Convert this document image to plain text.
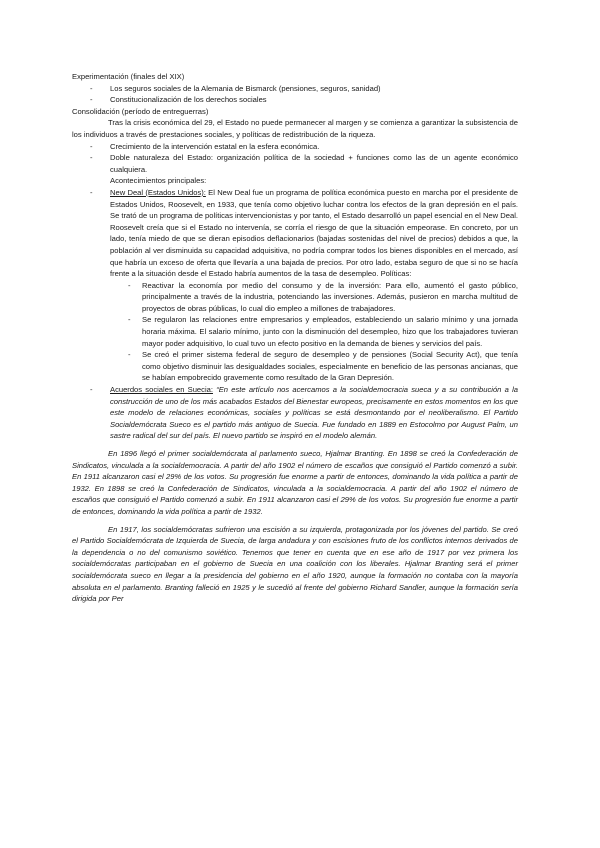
Experimentación (finales del XIX)

- Los seguros sociales de la Alemania de Bismarck (pensiones, seguros, sanidad)

- Constitucionalización de los derechos sociales

Consolidación (período de entreguerras)

Tras la crisis económica del 29, el Estado no puede permanecer al margen y se comienza a garantizar la subsistencia de los individuos a través de prestaciones sociales, y políticas de redistribución de la riqueza.

- Crecimiento de la intervención estatal en la esfera económica.

- Doble naturaleza del Estado: organización política de la sociedad + funciones como las de un agente económico cualquiera.

Acontecimientos principales:

- New Deal (Estados Unidos): El New Deal fue un programa de política económica puesto en marcha por el presidente de Estados Unidos, Roosevelt, en 1933, que tenía como objetivo luchar contra los efectos de la gran depresión en el país. Se trató de un programa de políticas intervencionistas y por tanto, el Estado desarrolló un papel esencial en el New Deal. Roosevelt creía que si el Estado no intervenía, se corría el riesgo de que la situación empeorase. En concreto, por un lado, tenía miedo de que se dieran episodios deflacionarios (bajadas sostenidas del nivel de precios) debidos a que, la población al ver disminuida su capacidad adquisitiva, no podría comprar todos los bienes disponibles en el mercado, así que habría un exceso de oferta que llevaría a una bajada de precios. Por otro lado, estaba seguro de que si no se hacía frente a la situación desde el Estado habría aumentos de la tasa de desempleo. Políticas:

- Reactivar la economía por medio del consumo y de la inversión: Para ello, aumentó el gasto público, principalmente a través de la industria, potenciando las inversiones. Además, pusieron en marcha multitud de proyectos de obras públicas, lo cual dio empleo a millones de trabajadores.

- Se regularon las relaciones entre empresarios y empleados, estableciendo un salario mínimo y una jornada horaria máxima. El salario mínimo, junto con la disminución del desempleo, hizo que los trabajadores tuvieran mayor poder adquisitivo, lo cual tuvo un efecto positivo en la demanda de bienes y servicios del país.

- Se creó el primer sistema federal de seguro de desempleo y de pensiones (Social Security Act), que tenía como objetivo disminuir las desigualdades sociales, especialmente en beneficio de las personas ancianas, que se habían empobrecido gravemente como resultado de la Gran Depresión.

- Acuerdos sociales en Suecia: “En este artículo nos acercamos a la socialdemocracia sueca y a su contribución a la construcción de uno de los más acabados Estados del Bienestar europeos, precisamente en estos momentos en los que este modelo de relaciones económicas, sociales y políticas se está desmontando por el neoliberalismo. El Partido Socialdemócrata Sueco es el partido más antiguo de Suecia. Fue fundado en 1889 en Estocolmo por August Palm, un sastre radical del sur del país. El nuevo partido se inspiró en el modelo alemán.

En 1896 llegó el primer socialdemócrata al parlamento sueco, Hjalmar Branting. En 1898 se creó la Confederación de Sindicatos, vinculada a la socialdemocracia. A partir del año 1902 el número de escaños que consiguió el Partido comenzó a subir. En 1911 alcanzaron casi el 29% de los votos. Su progresión fue enorme a partir de entonces, dominando la vida política a partir de 1932. En 1898 se creó la Confederación de Sindicatos, vinculada a la socialdemocracia. A partir del año 1902 el número de escaños que consiguió el Partido comenzó a subir. En 1911 alcanzaron casi el 29% de los votos. Su progresión fue enorme a partir de entonces, dominando la vida política a partir de 1932.

En 1917, los socialdemócratas sufrieron una escisión a su izquierda, protagonizada por los jóvenes del partido. Se creó el Partido Socialdemócrata de Izquierda de Suecia, de larga andadura y con escisiones fruto de los conflictos internos derivados de la dependencia o no del comunismo soviético. Tenemos que tener en cuenta que en ese año de 1917 por vez primera los socialdemócratas participaban en el gobierno de Suecia en una coalición con los liberales. Hjalmar Branting será el primer socialdemócrata sueco en llegar a la presidencia del gobierno en el año 1920, aunque la formación no contaba con la mayoría absoluta en el parlamento. Branting falleció en 1925 y le sucedió al frente del gobierno Richard Sandler, aunque la formación sería dirigida por Per
